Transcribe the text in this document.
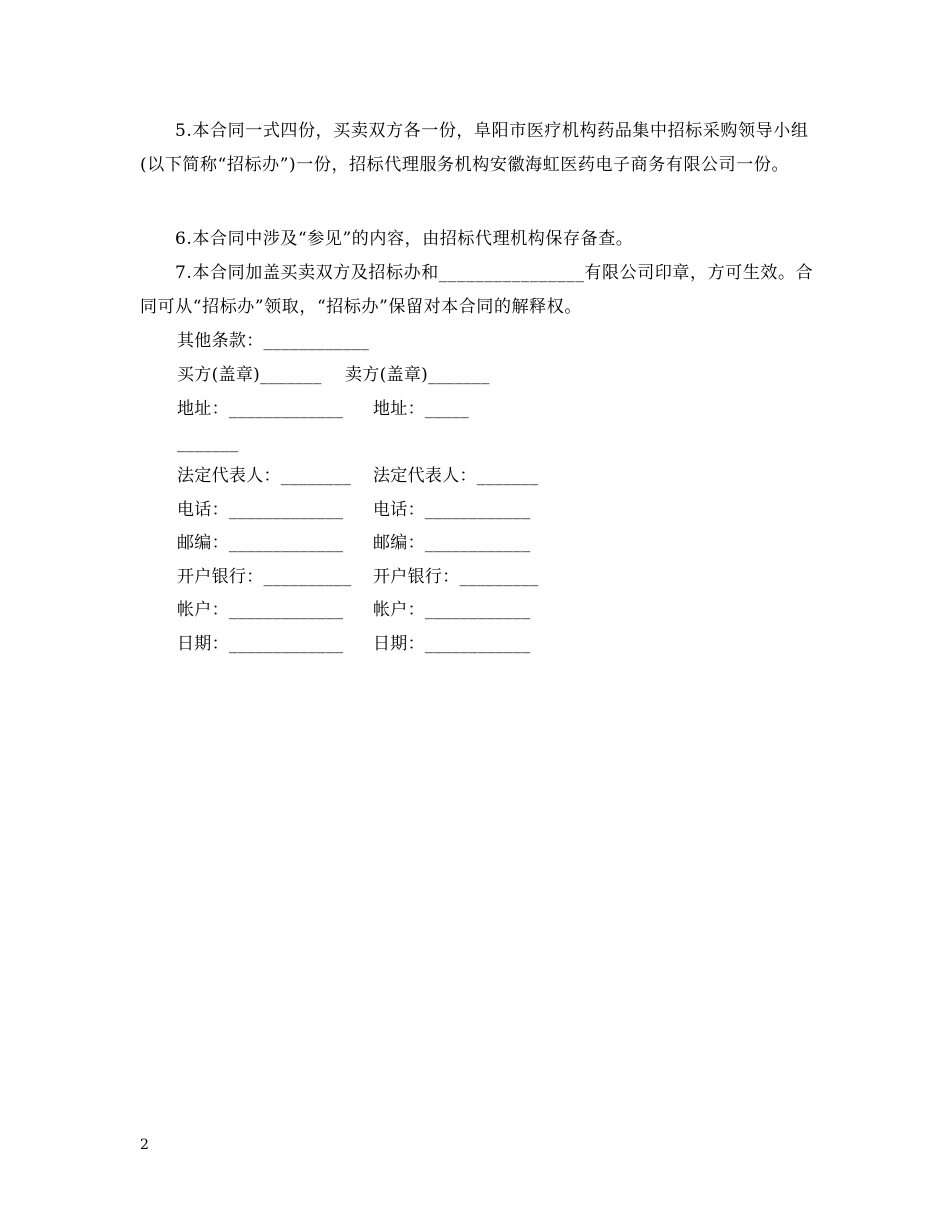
5.本合同一式四份，买卖双方各一份，阜阳市医疗机构药品集中招标采购领导小组(以下简称“招标办”)一份，招标代理服务机构安徽海虹医药电子商务有限公司一份。

6.本合同中涉及“参见”的内容，由招标代理机构保存备查。

7.本合同加盖买卖双方及招标办和________________有限公司印章，方可生效。合同可从“招标办”领取，“招标办”保留对本合同的解释权。

其他条款：____________
买方(盖章)_______ 卖方(盖章)_______
地址：_____________ 地址：_____
_______
法定代表人：________ 法定代表人：_______
电话：_____________ 电话：____________
邮编：_____________ 邮编：____________
开户银行：__________ 开户银行：_________
帐户：_____________ 帐户：____________
日期：_____________ 日期：____________
2
